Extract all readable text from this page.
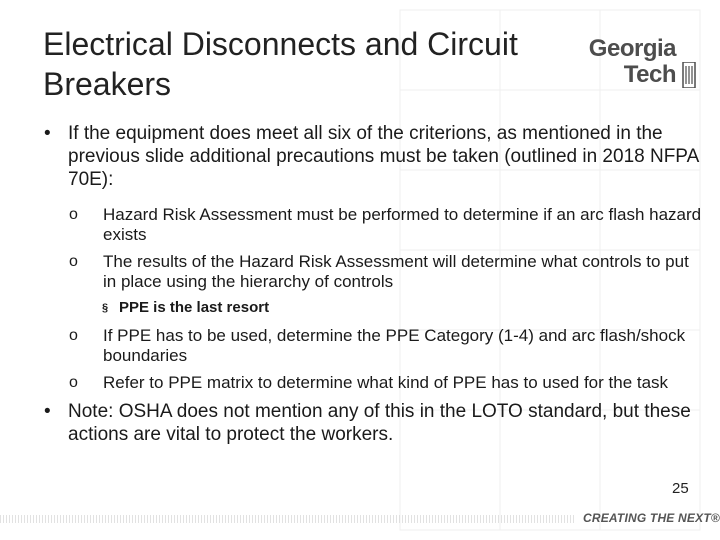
Electrical Disconnects and Circuit Breakers
Georgia
Tech
• If the equipment does meet all six of the criterions, as mentioned in the previous slide additional precautions must be taken (outlined in 2018 NFPA 70E):
o Hazard Risk Assessment must be performed to determine if an arc flash hazard exists
o The results of the Hazard Risk Assessment will determine what controls to put in place using the hierarchy of controls
§ PPE is the last resort
o If PPE has to be used, determine the PPE Category (1-4) and arc flash/shock boundaries
o Refer to PPE matrix to determine what kind of PPE has to used for the task
• Note: OSHA does not mention any of this in the LOTO standard, but these actions are vital to protect the workers.
25
CREATING THE NEXT®
